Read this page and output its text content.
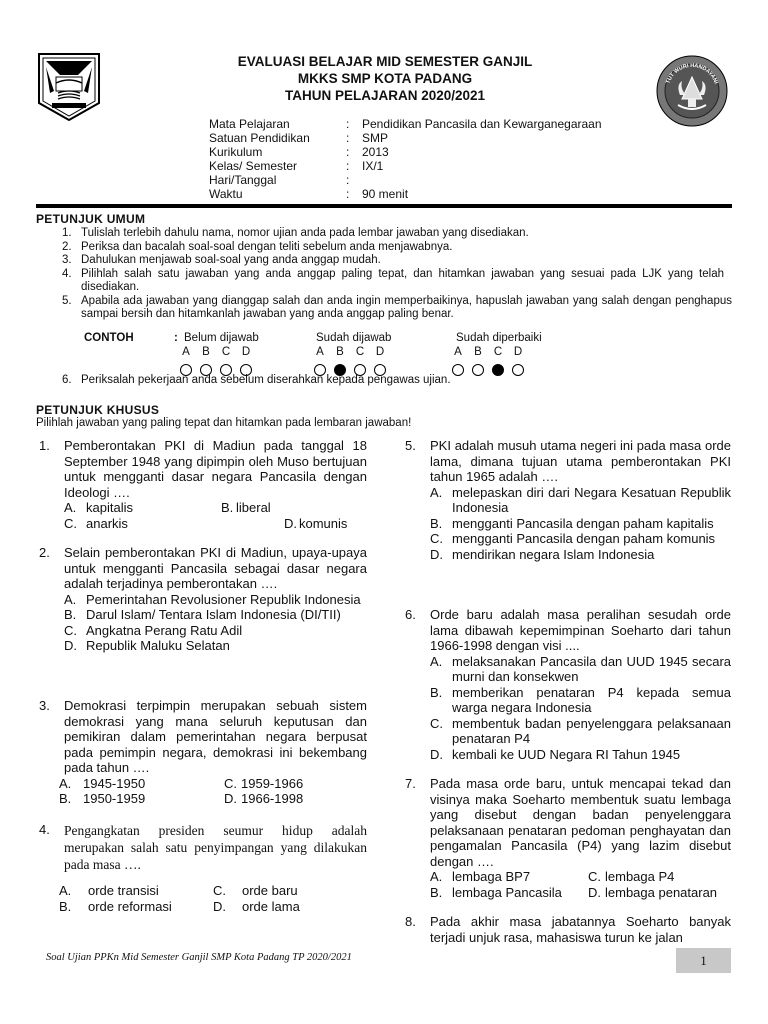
EVALUASI BELAJAR MID SEMESTER GANJIL
MKKS SMP KOTA PADANG
TAHUN PELAJARAN 2020/2021
TUT WURI HANDAYANI
Mata Pelajaran	:	Pendidikan Pancasila dan Kewarganegaraan
Satuan Pendidikan	:	SMP
Kurikulum	:	2013
Kelas/ Semester	:	IX/1
Hari/Tanggal	:
Waktu	:	90 menit
PETUNJUK UMUM
1. Tulislah terlebih dahulu nama, nomor ujian anda pada lembar jawaban yang disediakan.
2. Periksa dan bacalah soal-soal dengan teliti sebelum anda menjawabnya.
3. Dahulukan menjawab soal-soal yang anda anggap mudah.
4. Pilihlah salah satu jawaban yang anda anggap paling tepat, dan hitamkan jawaban yang sesuai pada LJK yang telah disediakan.
5. Apabila ada jawaban yang dianggap salah dan anda ingin memperbaikinya, hapuslah jawaban yang salah dengan penghapus sampai bersih dan hitamkanlah jawaban yang anda anggap paling benar.
CONTOH	: Belum dijawab	Sudah dijawab	Sudah diperbaiki
A B C D	A B C D	A B C D
6. Periksalah pekerjaan anda sebelum diserahkan kepada pengawas ujian.
PETUNJUK KHUSUS
Pilihlah jawaban yang paling tepat dan hitamkan pada lembaran jawaban!
1. Pemberontakan PKI di Madiun pada tanggal 18 September 1948 yang dipimpin oleh Muso bertujuan untuk mengganti dasar negara Pancasila dengan Ideologi ….
A. kapitalis	B. liberal
C. anarkis	D. komunis
2. Selain pemberontakan PKI di Madiun, upaya-upaya untuk mengganti Pancasila sebagai dasar negara adalah terjadinya pemberontakan ….
A. Pemerintahan Revolusioner Republik Indonesia
B. Darul Islam/ Tentara Islam Indonesia (DI/TII)
C. Angkatna Perang Ratu Adil
D. Republik Maluku Selatan
3. Demokrasi terpimpin merupakan sebuah sistem demokrasi yang mana seluruh keputusan dan pemikiran dalam pemerintahan negara berpusat pada pemimpin negara, demokrasi ini bekembang pada tahun ….
A. 1945-1950	C. 1959-1966
B. 1950-1959	D. 1966-1998
4. Pengangkatan presiden seumur hidup adalah merupakan salah satu penyimpangan yang dilakukan pada masa ….
A. orde transisi	C. orde baru
B. orde reformasi	D. orde lama
5. PKI adalah musuh utama negeri ini pada masa orde lama, dimana tujuan utama pemberontakan PKI tahun 1965 adalah ….
A. melepaskan diri dari Negara Kesatuan Republik Indonesia
B. mengganti Pancasila dengan paham kapitalis
C. mengganti Pancasila dengan paham komunis
D. mendirikan negara Islam Indonesia
6. Orde baru adalah masa peralihan sesudah orde lama dibawah kepemimpinan Soeharto dari tahun 1966-1998 dengan visi ....
A. melaksanakan Pancasila dan UUD 1945 secara murni dan konsekwen
B. memberikan penataran P4 kepada semua warga negara Indonesia
C. membentuk badan penyelenggara pelaksanaan penataran P4
D. kembali ke UUD Negara RI Tahun 1945
7. Pada masa orde baru, untuk mencapai tekad dan visinya maka Soeharto membentuk suatu lembaga yang disebut dengan badan penyelenggara pelaksanaan penataran pedoman penghayatan dan pengamalan Pancasila (P4) yang lazim disebut dengan ….
A. lembaga BP7	C. lembaga P4
B. lembaga Pancasila D. lembaga penataran
8. Pada akhir masa jabatannya Soeharto banyak terjadi unjuk rasa, mahasiswa turun ke jalan
Soal Ujian PPKn Mid Semester Ganjil SMP Kota Padang TP 2020/2021	1
